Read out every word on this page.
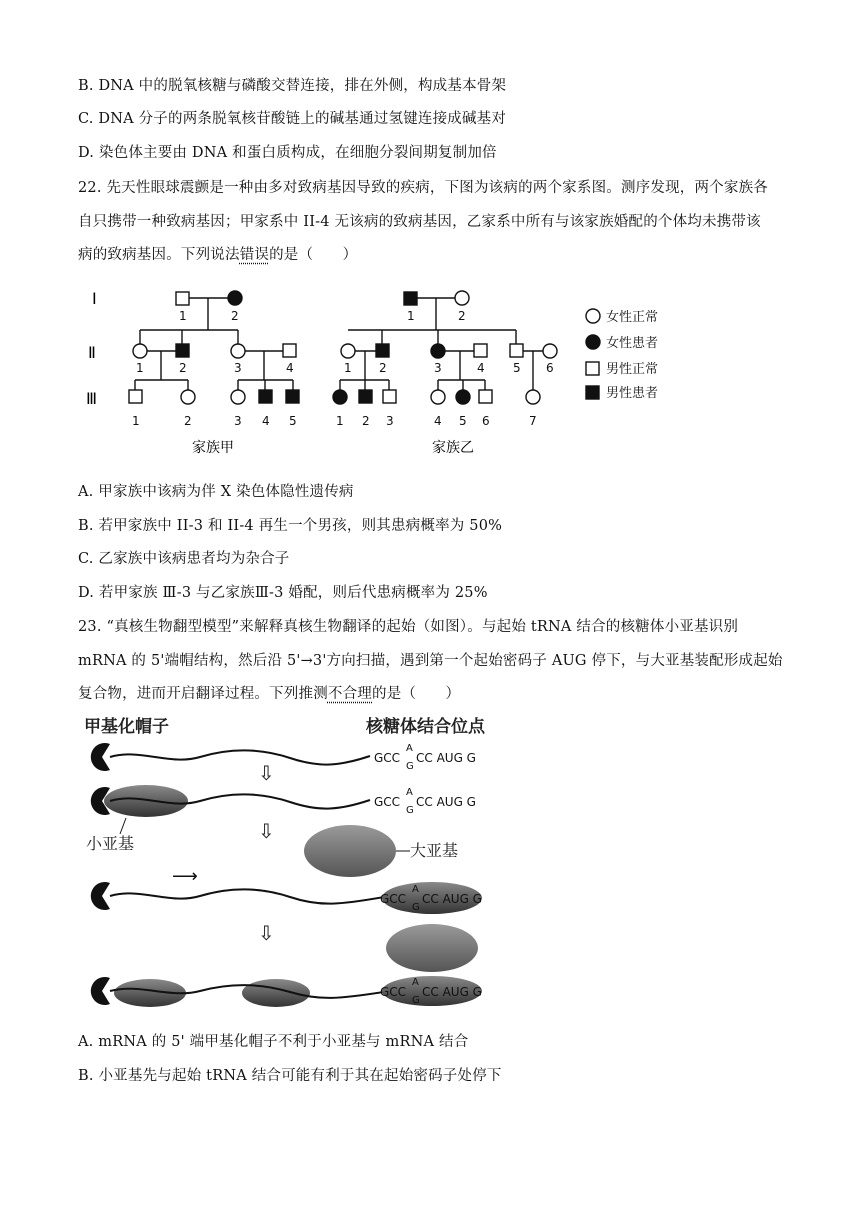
B. DNA 中的脱氧核糖与磷酸交替连接，排在外侧，构成基本骨架
C. DNA 分子的两条脱氧核苷酸链上的碱基通过氢键连接成碱基对
D. 染色体主要由 DNA 和蛋白质构成，在细胞分裂间期复制加倍
22. 先天性眼球震颤是一种由多对致病基因导致的疾病，下图为该病的两个家系图。测序发现，两个家族各
自只携带一种致病基因；甲家系中 II-4 无该病的致病基因，乙家系中所有与该家族婚配的个体均未携带该
病的致病基因。下列说法错误的是（　　）
I
Ⅱ
Ⅲ
1	2
1	2	3	4
1	2	3 4 5
家族甲
1	2
1 2	3	4 5 6
1 2 3	4 5 6	7
家族乙
女性正常
女性患者
男性正常
男性患者
A. 甲家族中该病为伴 X 染色体隐性遗传病
B. 若甲家族中 II-3 和 II-4 再生一个男孩，则其患病概率为 50%
C. 乙家族中该病患者均为杂合子
D. 若甲家族 Ⅲ-3 与乙家族Ⅲ-3 婚配，则后代患病概率为 25%
23. “真核生物翻型模型”来解释真核生物翻译的起始（如图）。与起始 tRNA 结合的核糖体小亚基识别
mRNA 的 5'端帽结构，然后沿 5'→3'方向扫描，遇到第一个起始密码子 AUG 停下，与大亚基装配形成起始
复合物，进而开启翻译过程。下列推测不合理的是（　　）
甲基化帽子	核糖体结合位点
GCC
A
G
CC AUG G
⇩
GCC
A
G
CC AUG G
小亚基
⇩
大亚基
⟶
GCC
A
G
CC AUG G
⇩
GCC
A
G
CC AUG G
A. mRNA 的 5' 端甲基化帽子不利于小亚基与 mRNA 结合
B. 小亚基先与起始 tRNA 结合可能有利于其在起始密码子处停下
